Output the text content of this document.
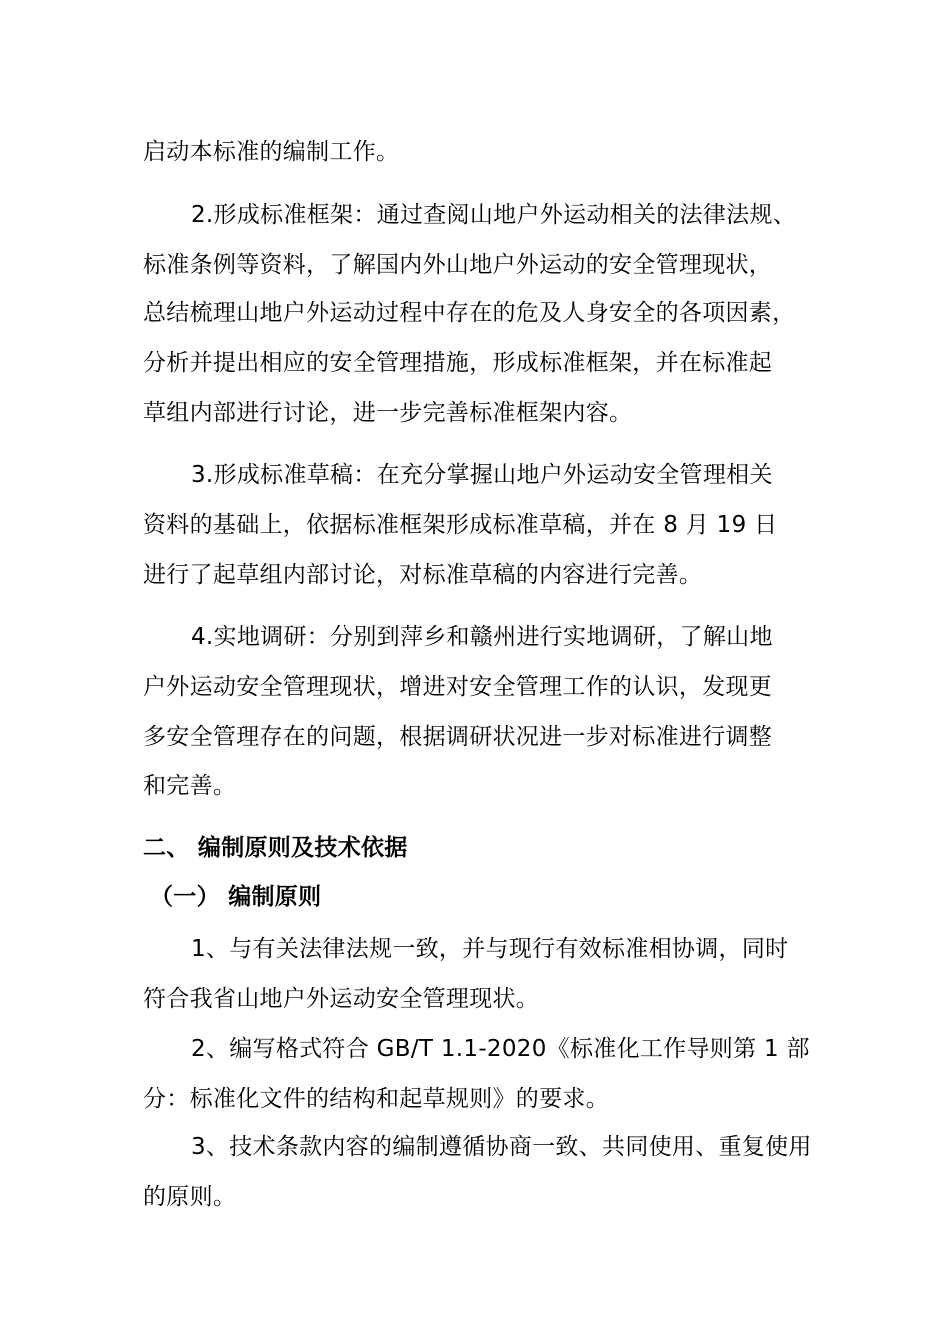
启动本标准的编制工作。
2.形成标准框架：通过查阅山地户外运动相关的法律法规、
标准条例等资料，了解国内外山地户外运动的安全管理现状，
总结梳理山地户外运动过程中存在的危及人身安全的各项因素，
分析并提出相应的安全管理措施，形成标准框架，并在标准起
草组内部进行讨论，进一步完善标准框架内容。
3.形成标准草稿：在充分掌握山地户外运动安全管理相关
资料的基础上，依据标准框架形成标准草稿，并在 8 月 19 日
进行了起草组内部讨论，对标准草稿的内容进行完善。
4.实地调研：分别到萍乡和赣州进行实地调研，了解山地
户外运动安全管理现状，增进对安全管理工作的认识，发现更
多安全管理存在的问题，根据调研状况进一步对标准进行调整
和完善。
二、 编制原则及技术依据
（一） 编制原则
1、与有关法律法规一致，并与现行有效标准相协调，同时
符合我省山地户外运动安全管理现状。
2、编写格式符合 GB/T 1.1-2020《标准化工作导则第 1 部
分：标准化文件的结构和起草规则》的要求。
3、技术条款内容的编制遵循协商一致、共同使用、重复使用
的原则。
